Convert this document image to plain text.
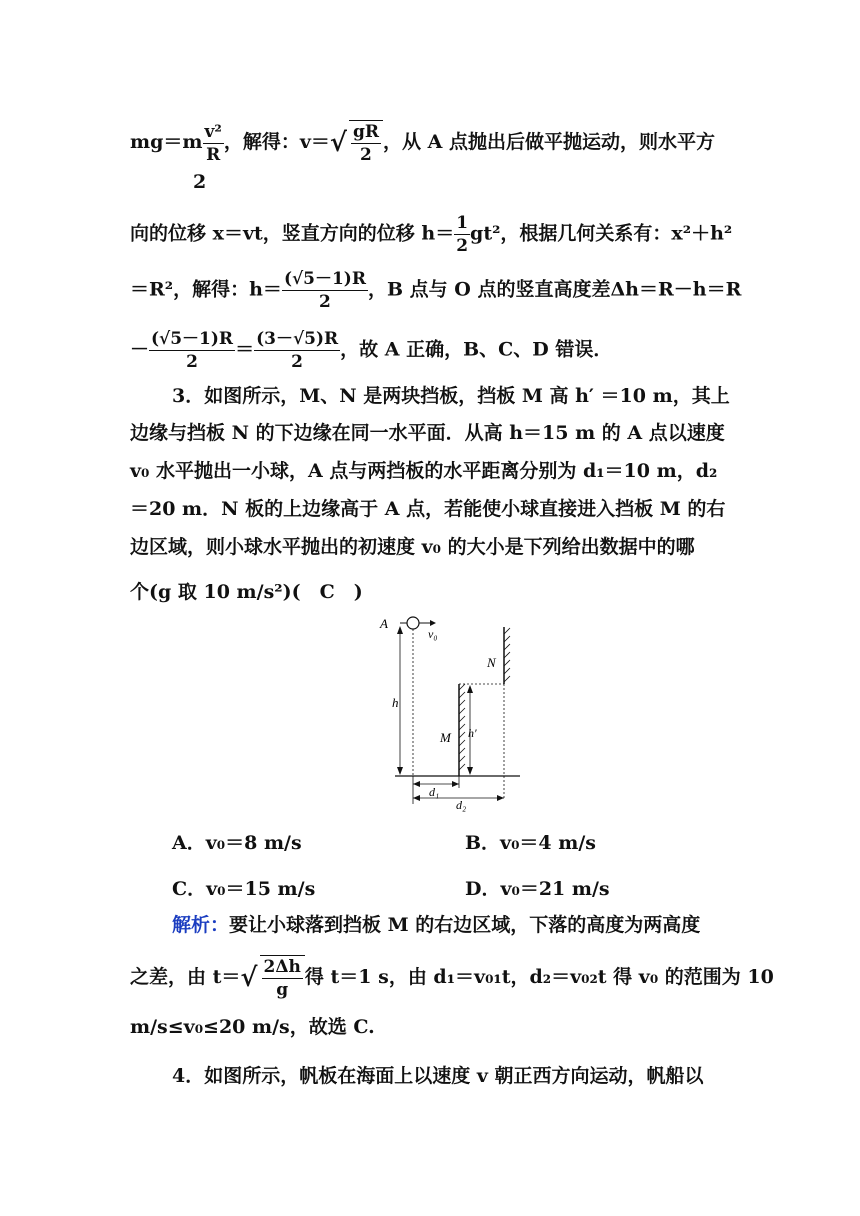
$mg=m \frac{\text{v²}}{R}$ ，解得：$v=√ \frac{gR}{2}$ ，从 A 点抛出后做平抛运动，则水平方
2
向的位移 x＝vt，竖直方向的位移 $h= \frac{1}{2} gt^2$，根据几何关系有：x²＋h²
＝R²，解得：$h= \frac{(√5-1)R}{2}$ ，B 点与 O 点的竖直高度差Δh＝R－h＝R
－ $\frac{(√5-1)R}{2} = \frac{(3-√5)R}{2}$ ，故 A 正确，B、C、D 错误．
3．如图所示，M、N 是两块挡板，挡板 M 高 h′ ＝10 m，其上
边缘与挡板 N 的下边缘在同一水平面．从高 h＝15 m 的 A 点以速度
v₀ 水平抛出一小球，A 点与两挡板的水平距离分别为 d₁＝10 m，d₂
＝20 m．N 板的上边缘高于 A 点，若能使小球直接进入挡板 M 的右
边区域，则小球水平抛出的初速度 v₀ 的大小是下列给出数据中的哪
个(g 取 10 m/s²)(　C　)
A
v₀
N
h
M h′
d₁
d₂
A．v₀＝8 m/s	B．v₀＝4 m/s
C．v₀＝15 m/s	D．v₀＝21 m/s
解析：要让小球落到挡板 M 的右边区域，下落的高度为两高度
之差，由 $t=√ \frac{2\Delta h}{g}$ 得 t＝1 s，由 d₁＝v₀₁t，d₂＝v₀₂t 得 v₀ 的范围为 10
m/s≤v₀≤20 m/s，故选 C.
4．如图所示，帆板在海面上以速度 v 朝正西方向运动，帆船以
